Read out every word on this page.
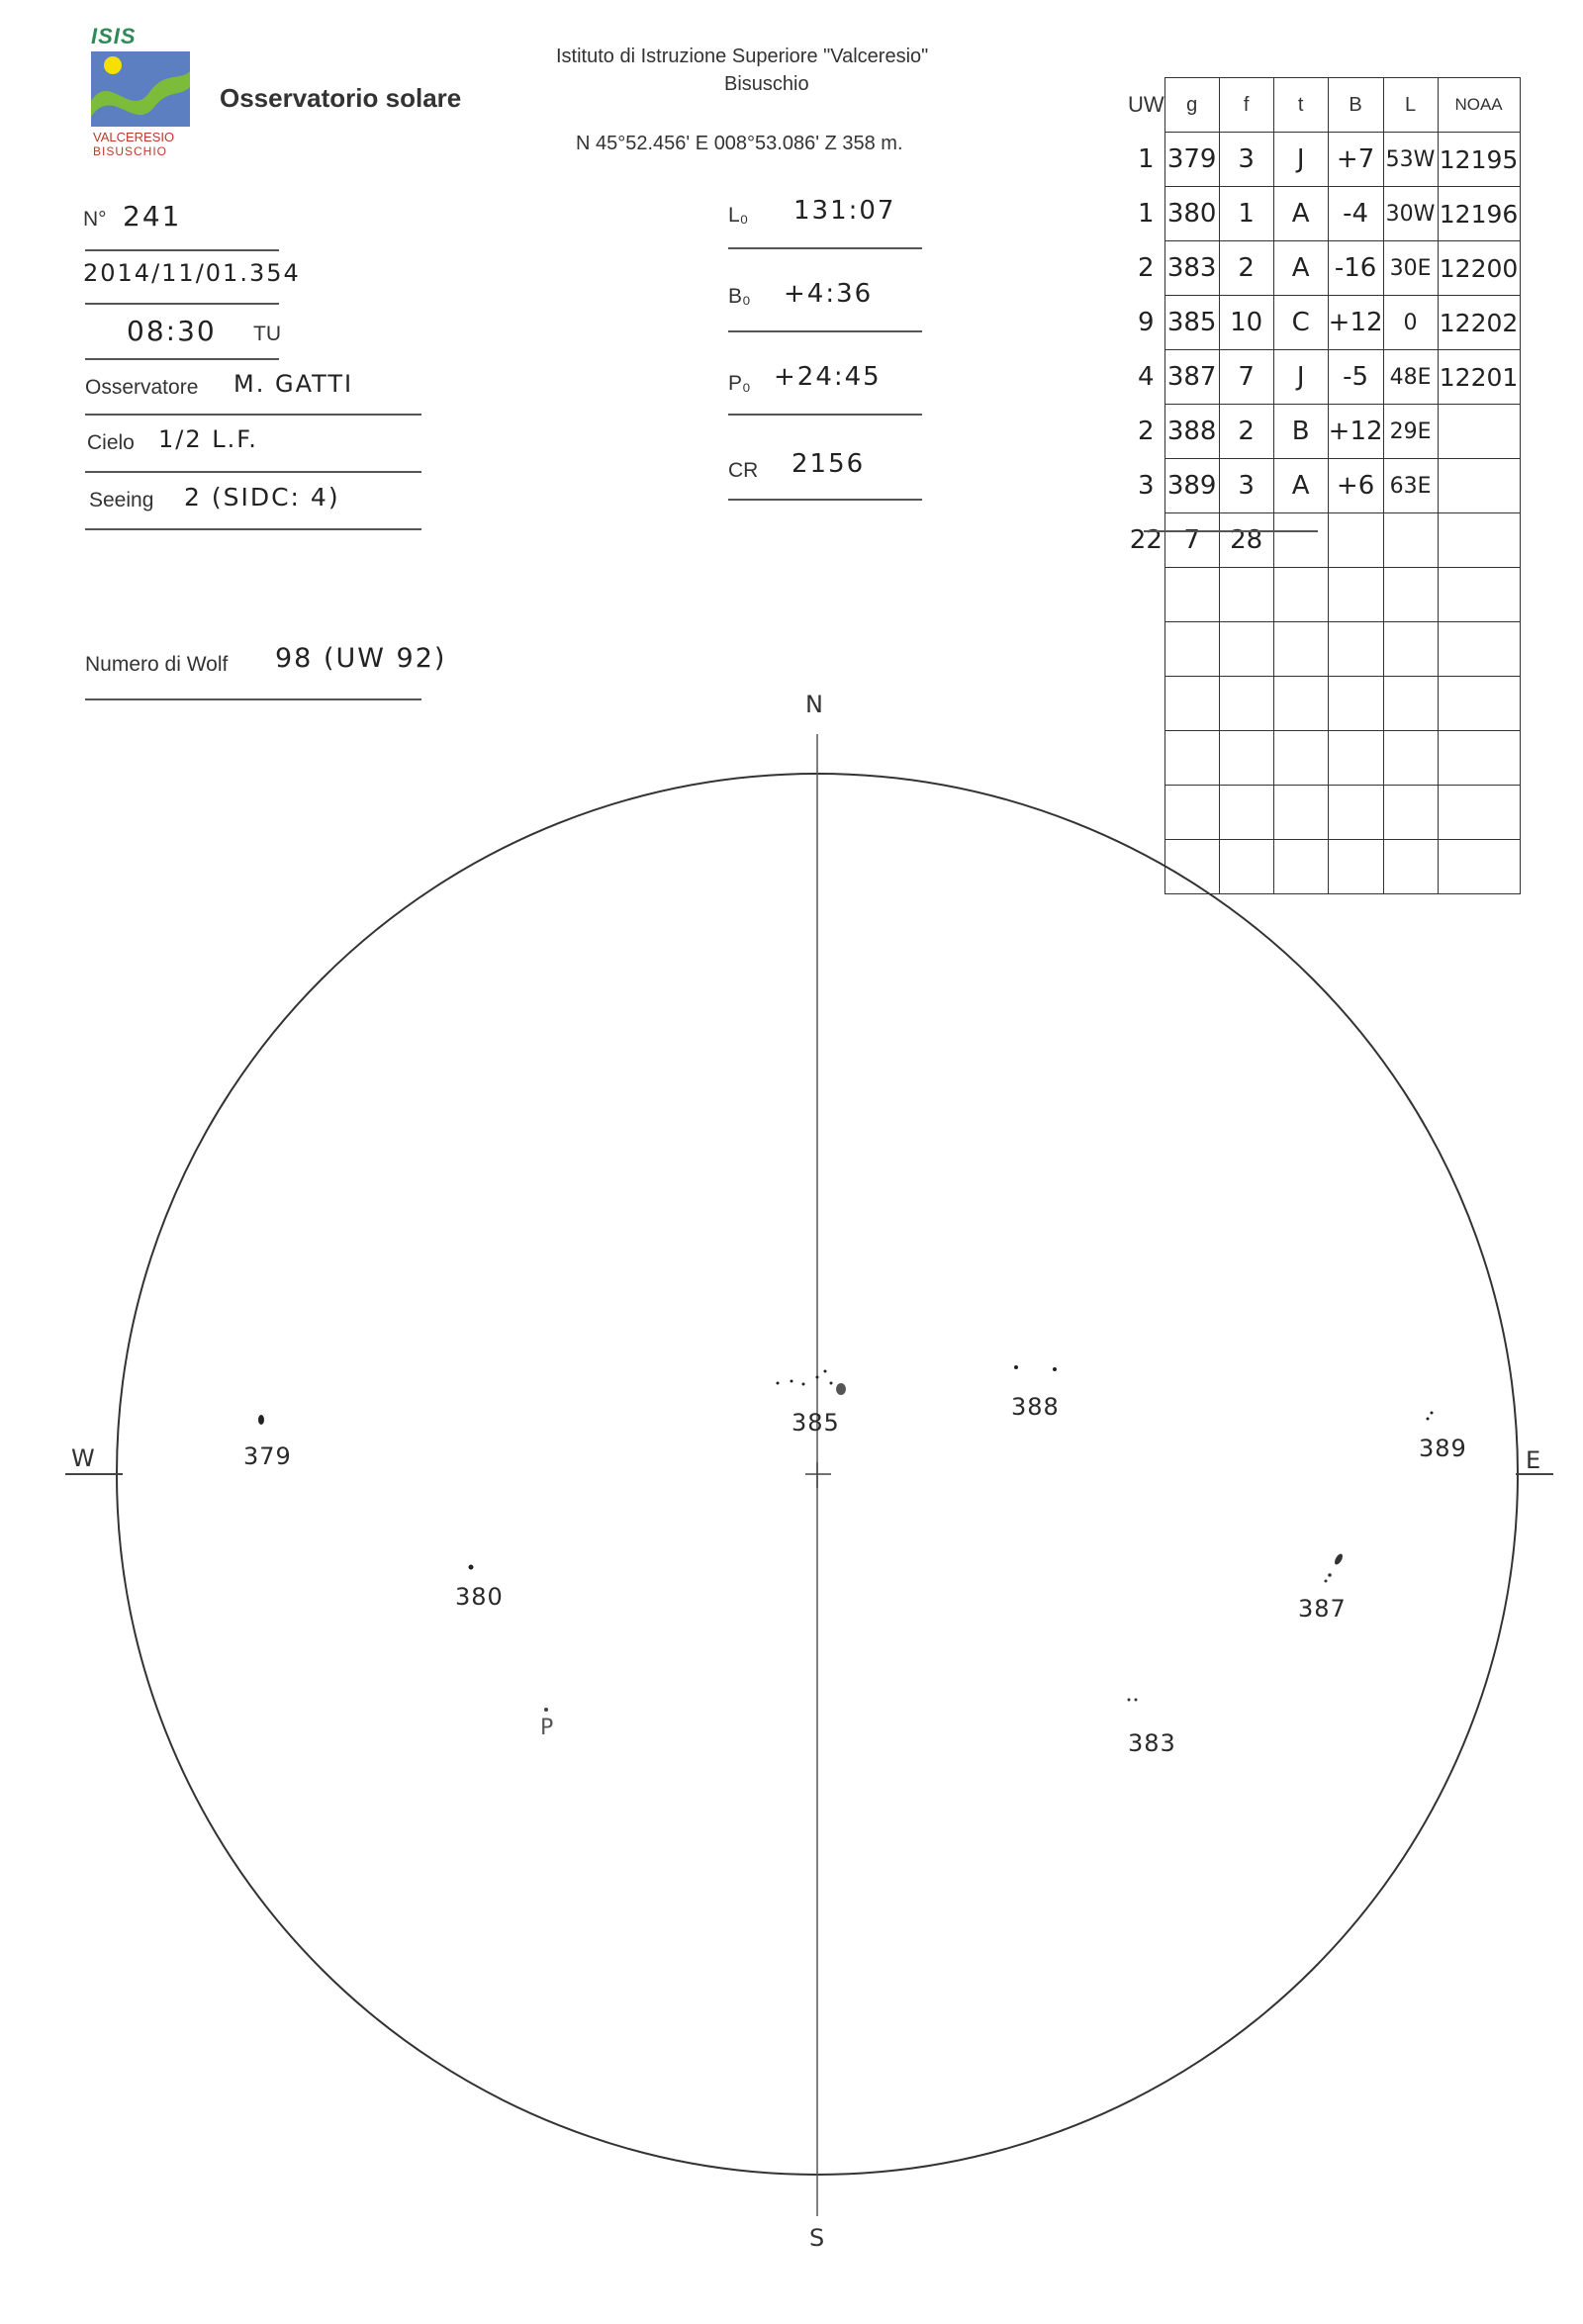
ISIS
VALCERESIO
BISUSCHIO
Osservatorio solare
Istituto di Istruzione Superiore "Valceresio"
Bisuschio
N 45°52.456' E 008°53.086' Z 358 m.
N° 241
2014/11/01.354
08:30 TU
Osservatore M. GATTI
Cielo 1/2 L.F.
Seeing 2 (SIDC: 4)
Numero di Wolf 98 (UW 92)
L₀ 131:07
B₀ +4:36
P₀ +24:45
CR 2156
UW	g	f	t	B	L	NOAA
1	379	3	J	+7	53W	12195
1	380	1	A	-4	30W	12196
2	383	2	A	-16	30E	12200
9	385	10	C	+12	0	12202
4	387	7	J	-5	48E	12201
2	388	2	B	+12	29E	
3	389	3	A	+6	63E	
22	7	28				

N
S
W	E
P
379
380
383
385
387
388
389
